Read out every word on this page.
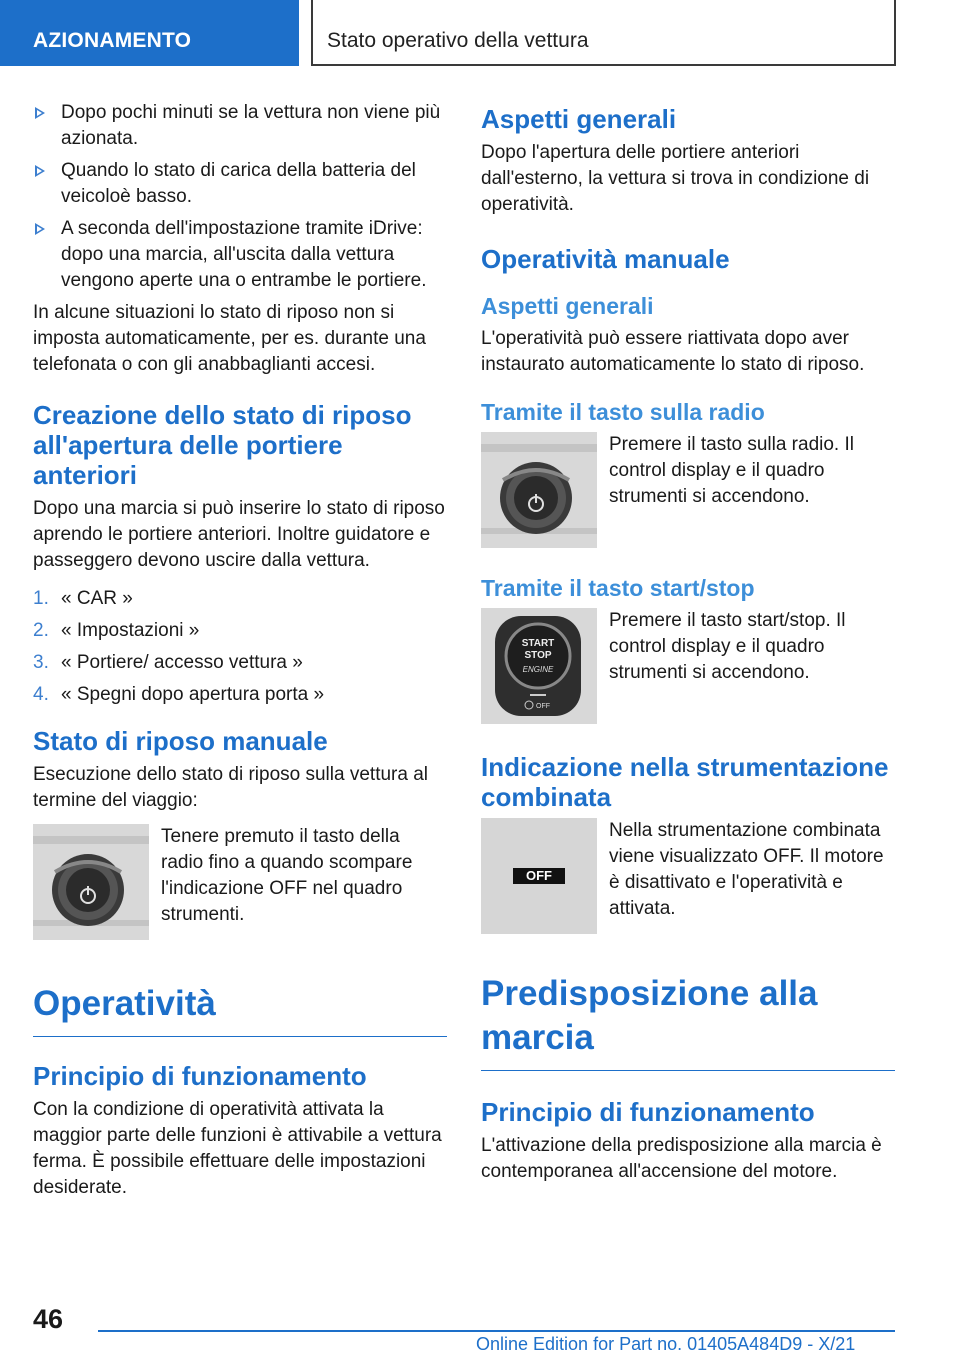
AZIONAMENTO	Stato operativo della vettura
Dopo pochi minuti se la vettura non viene più azionata.
Quando lo stato di carica della batteria del veicoloè basso.
A seconda dell'impostazione tramite iDrive: dopo una marcia, all'uscita dalla vettura vengono aperte una o entrambe le portiere.

In alcune situazioni lo stato di riposo non si imposta automaticamente, per es. durante una telefonata o con gli anabbaglianti accesi.

Creazione dello stato di riposo all'apertura delle portiere anteriori

Dopo una marcia si può inserire lo stato di riposo aprendo le portiere anteriori. Inoltre guidatore e passeggero devono uscire dalla vettura.

1. « CAR »
2. « Impostazioni »
3. « Portiere/ accesso vettura »
4. « Spegni dopo apertura porta »
Stato di riposo manuale

Esecuzione dello stato di riposo sulla vettura al termine del viaggio:

Tenere premuto il tasto della radio fino a quando scompare l'indicazione OFF nel quadro strumenti.
Operatività
Principio di funzionamento

Con la condizione di operatività attivata la maggior parte delle funzioni è attivabile a vettura ferma. È possibile effettuare delle impostazioni desiderate.

Aspetti generali

Dopo l'apertura delle portiere anteriori dall'esterno, la vettura si trova in condizione di operatività.

Operatività manuale
Aspetti generali

L'operatività può essere riattivata dopo aver instaurato automaticamente lo stato di riposo.

Tramite il tasto sulla radio
Premere il tasto sulla radio. Il control display e il quadro strumenti si accendono.
Tramite il tasto start/stop
START
STOP
ENGINE
OFF
Premere il tasto start/stop. Il control display e il quadro strumenti si accendono.
Indicazione nella strumentazione combinata
OFF
Nella strumentazione combinata viene visualizzato OFF. Il motore è disattivato e l'operatività e attivata.
Predisposizione alla marcia
Principio di funzionamento

L'attivazione della predisposizione alla marcia è contemporanea all'accensione del motore.

46
Online Edition for Part no. 01405A484D9 - X/21
